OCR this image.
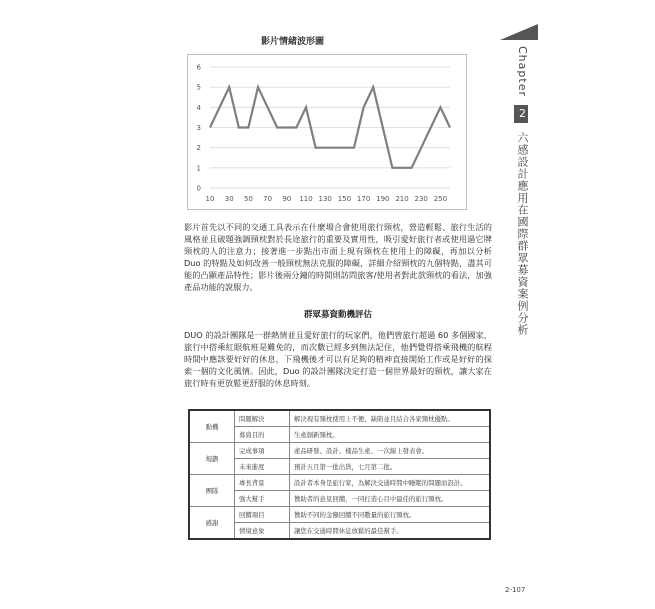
Chapter 2 六感設計應用在國際群眾募資案例分析
影片情緒波形圖
0
1
2
3
4
5
6
10 30 50 70 90 110 130 150 170 190 210 230 250

影片首先以不同的交通工具表示在什麼場合會使用旅行頸枕，營造輕鬆、旅行生活的風格並且破題強調頸枕對於長途旅行的重要及實用性，吸引愛好旅行者或使用過它牌頸枕的人的注意力；接著進一步點出市面上現有頸枕在使用上的障礙，再加以分析 Duo 的特點及如何改善一般頸枕無法克服的障礙，詳細介紹頸枕的九個特點，盡其可能的凸顯產品特性；影片後兩分鐘的時間則訪問旅客/使用者對此款頸枕的看法，加強產品功能的說服力。

群眾募資動機評估

DUO 的設計團隊是一群熱情並且愛好旅行的玩家們，他們曾旅行超過 60 多個國家，旅行中搭乘紅眼航班是難免的，而次數已經多到無法記住，他們覺得搭乘飛機的航程時間中應該要好好的休息，下飛機後才可以有足夠的精神直接開始工作或是好好的探索一個的文化風情。因此，Duo 的設計團隊決定打造一個世界最好的頸枕，讓大家在旅行時有更放鬆更舒服的休息時刻。

動機	問題解決	解決現有頸枕使用上不便、缺陷並且結合各家頸枕優點。
	募資目的	生產創新頸枕。
規劃	完成事項	產品研發、設計、樣品生產、一次線上發表會。
	未來進度	預計五月第一批出貨，七月第二批。
團隊	專長背景	設計者本身是旅行家，為解決交通時間中睡眠的問題而設計。
	強大幫手	贊助者的意見回饋，一同打造心目中最佳的旅行頸枕。
感謝	回饋項目	贊助不同的金額回饋不同數量的旅行頸枕。
	情境意象	讓您在交通時間休息放鬆的最佳幫手。
2-107
